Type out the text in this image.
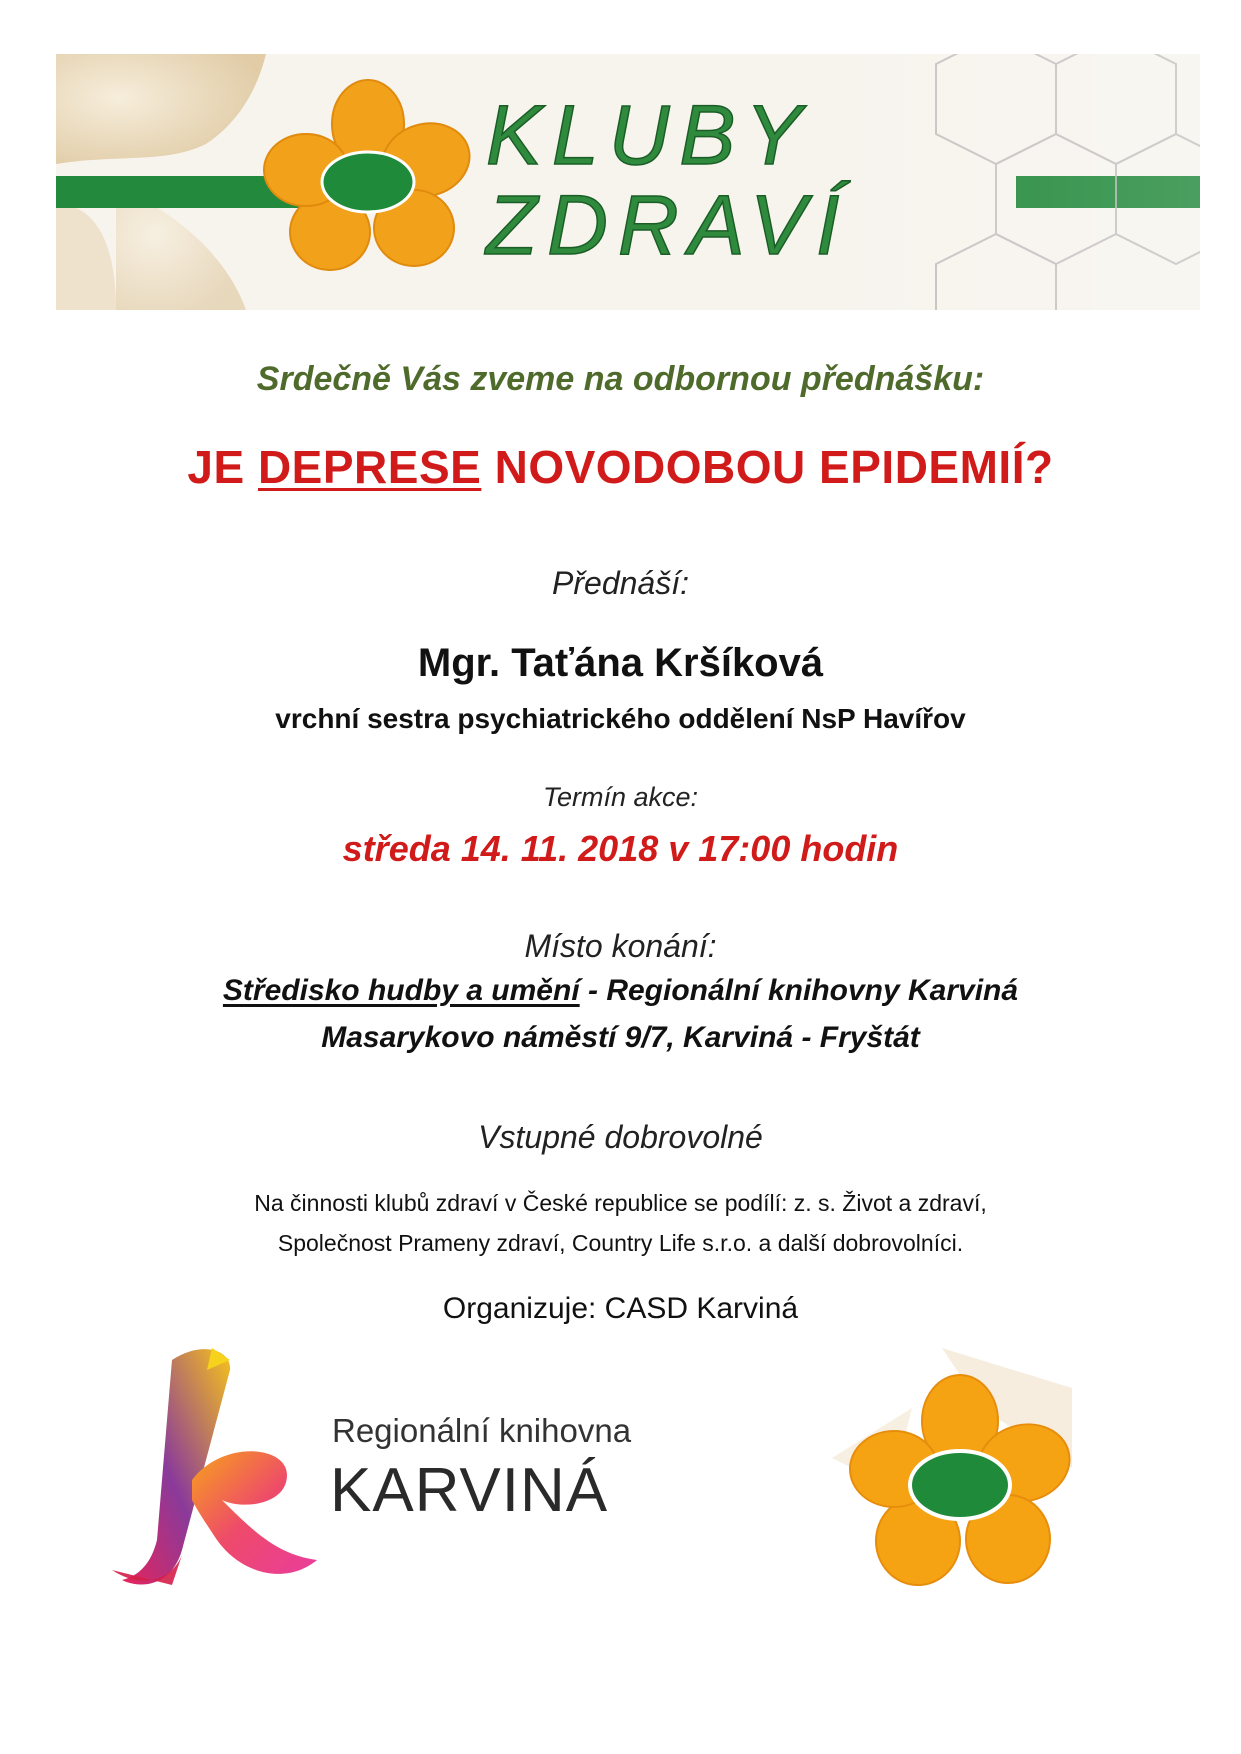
KLUBY
ZDRAVÍ
Srdečně Vás zveme na odbornou přednášku:
JE DEPRESE NOVODOBOU EPIDEMIÍ?
Přednáší:
Mgr. Taťána Kršíková
vrchní sestra psychiatrického oddělení NsP Havířov
Termín akce:
středa 14. 11. 2018 v 17:00 hodin
Místo konání:
Středisko hudby a umění - Regionální knihovny Karviná
Masarykovo náměstí 9/7, Karviná - Fryštát
Vstupné dobrovolné
Na činnosti klubů zdraví v České republice se podílí: z. s. Život a zdraví,
Společnost Prameny zdraví, Country Life s.r.o. a další dobrovolníci.
Organizuje: CASD Karviná
Regionální knihovna
KARVINÁ
